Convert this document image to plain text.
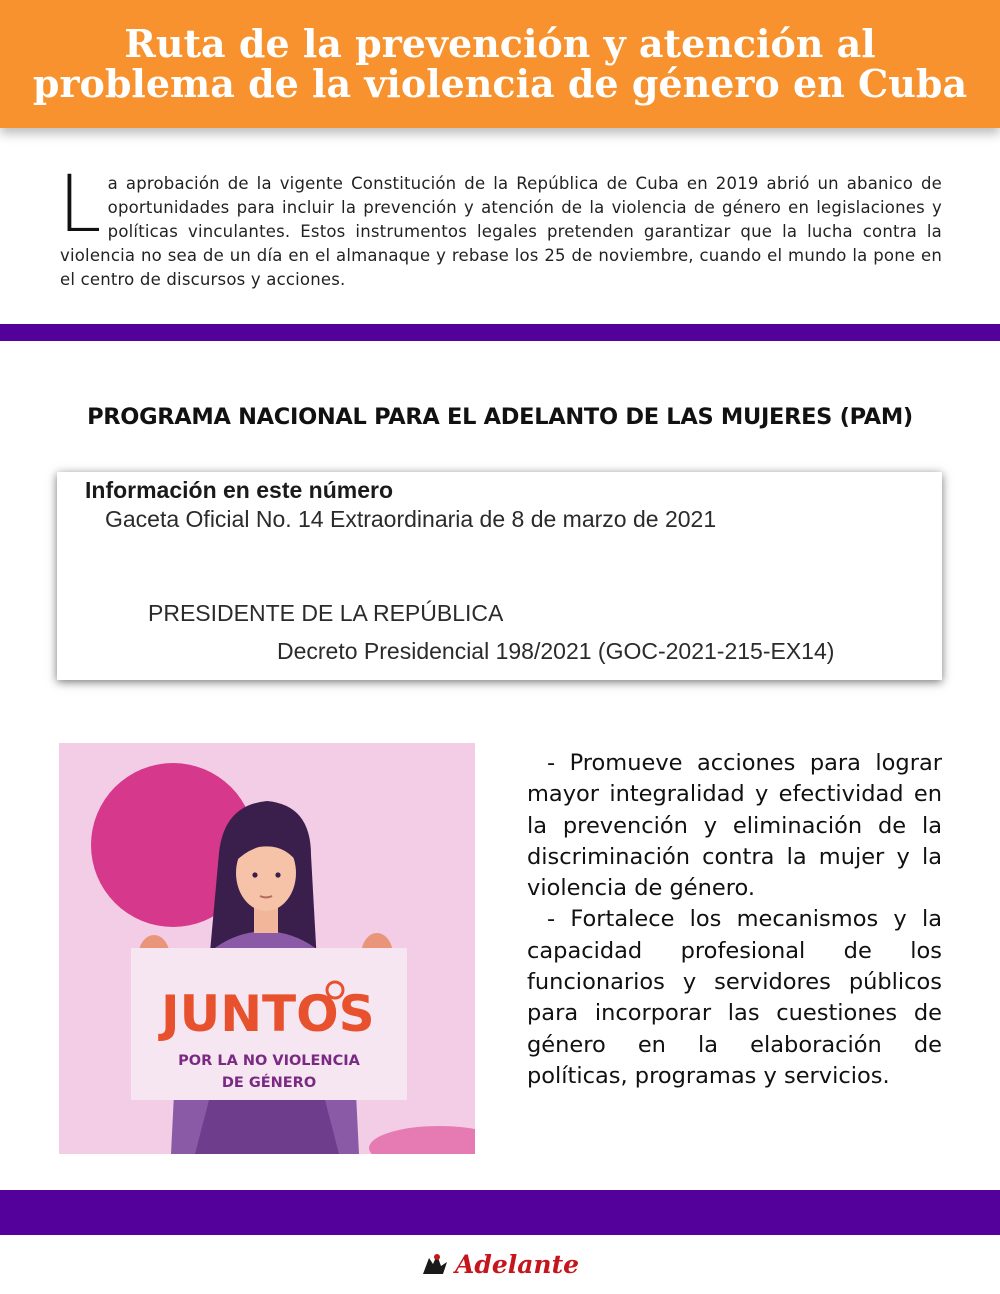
Ruta de la prevención y atención al problema de la violencia de género en Cuba
La aprobación de la vigente Constitución de la República de Cuba en 2019 abrió un abanico de oportunidades para incluir la prevención y atención de la violencia de género en legislaciones y políticas vinculantes. Estos instrumentos legales pretenden garantizar que la lucha contra la violencia no sea de un día en el almanaque y rebase los 25 de noviembre, cuando el mundo la pone en el centro de discursos y acciones.
PROGRAMA NACIONAL PARA EL ADELANTO DE LAS MUJERES (PAM)
Información en este número
Gaceta Oficial No. 14 Extraordinaria de 8 de marzo de 2021
PRESIDENTE DE LA REPÚBLICA
Decreto Presidencial 198/2021 (GOC-2021-215-EX14)
JUNTOS
POR LA NO VIOLENCIA
DE GÉNERO

- Promueve acciones para lograr mayor integralidad y efectividad en la prevención y eliminación de la discriminación contra la mujer y la violencia de género.

- Fortalece los mecanismos y la capacidad profesional de los funcionarios y servidores públicos para incorporar las cuestiones de género en la elaboración de políticas, programas y servicios.

Adelante
